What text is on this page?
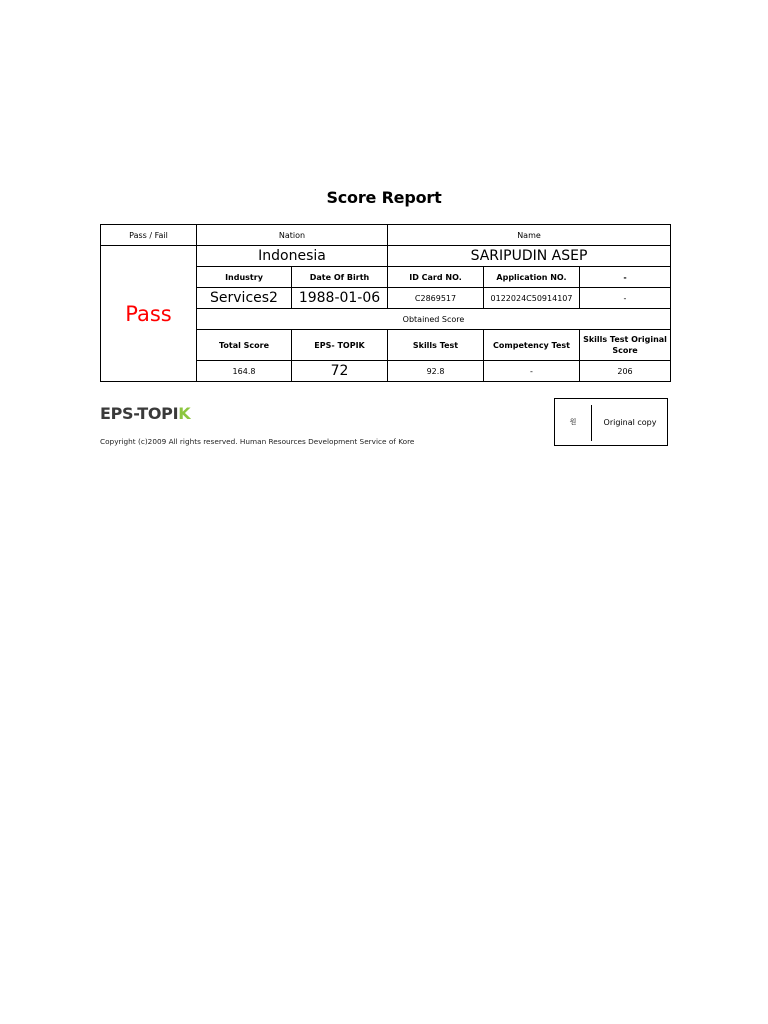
Score Report
Pass / Fail	Nation		Name		
Pass	Indonesia		SARIPUDIN ASEP		
	Industry	Date Of Birth	ID Card NO.	Application NO.	-
	Services2	1988-01-06	C2869517	0122024C50914107	-
	Obtained Score				
	Total Score	EPS- TOPIK	Skills Test	Competency Test	Skills Test Original Score
	164.8	72	92.8	-	206
EPS-TOPIK
Copyright (c)2009 All rights reserved. Human Resources Development Service of Kore
원	Original copy
